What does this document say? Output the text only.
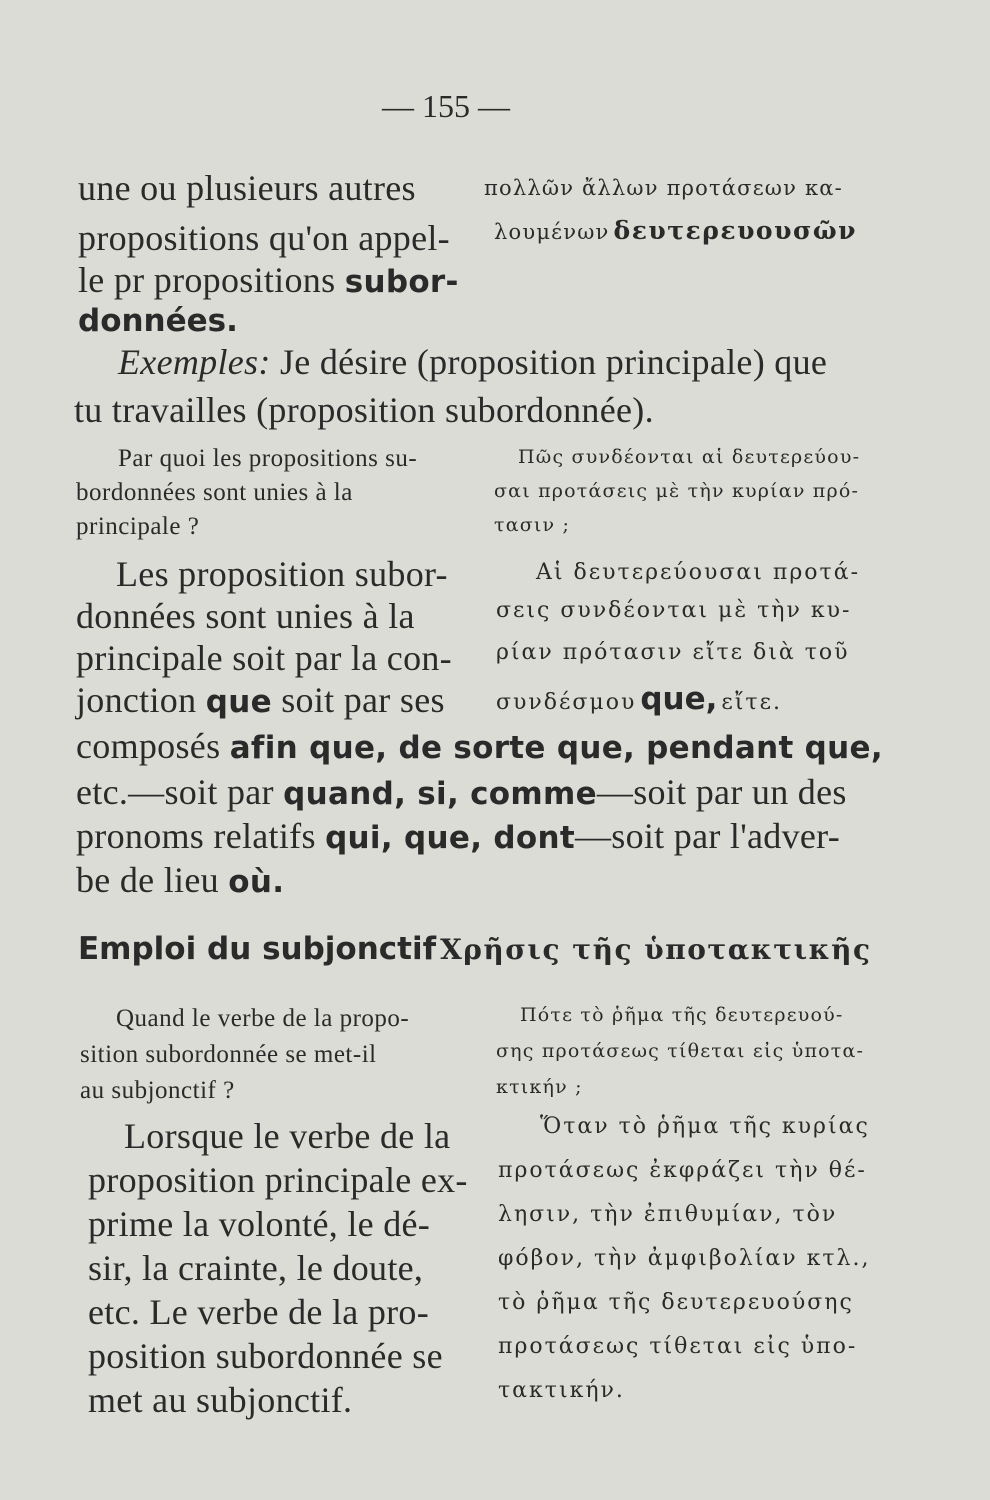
— 155 —
une ou plusieurs autres
propositions qu'on appel-
le pr propositions subor-
données.
πολλῶν ἄλλων προτάσεων κα-
λουμένων δευτερευουσῶν
Exemples: Je désire (proposition principale) que
tu travailles (proposition subordonnée).
Par quoi les propositions su-
bordonnées sont unies à la
principale ?
Πῶς συνδέονται αἱ δευτερεύου-
σαι προτάσεις μὲ τὴν κυρίαν πρό-
τασιν ;
Les proposition subor-
données sont unies à la
principale soit par la con-
jonction que soit par ses
Αἱ δευτερεύουσαι προτά-
σεις συνδέονται μὲ τὴν κυ-
ρίαν πρότασιν εἴτε διὰ τοῦ
συνδέσμου que, εἴτε.
composés afin que, de sorte que, pendant que,
etc.—soit par quand, si, comme—soit par un des
pronoms relatifs qui, que, dont—soit par l'adver-
be de lieu où.
Emploi du subjonctif Χρῆσις τῆς ὑποτακτικῆς
Quand le verbe de la propo-
sition subordonnée se met-il
au subjonctif ?
Πότε τὸ ῥῆμα τῆς δευτερευού-
σης προτάσεως τίθεται εἰς ὑποτα-
κτικήν ;
Lorsque le verbe de la
proposition principale ex-
prime la volonté, le dé-
sir, la crainte, le doute,
etc. Le verbe de la pro-
position subordonnée se
met au subjonctif.
Ὅταν τὸ ῥῆμα τῆς κυρίας
προτάσεως ἐκφράζει τὴν θέ-
λησιν, τὴν ἐπιθυμίαν, τὸν
φόβον, τὴν ἀμφιβολίαν κτλ.,
τὸ ῥῆμα τῆς δευτερευούσης
προτάσεως τίθεται εἰς ὑπο-
τακτικήν.
